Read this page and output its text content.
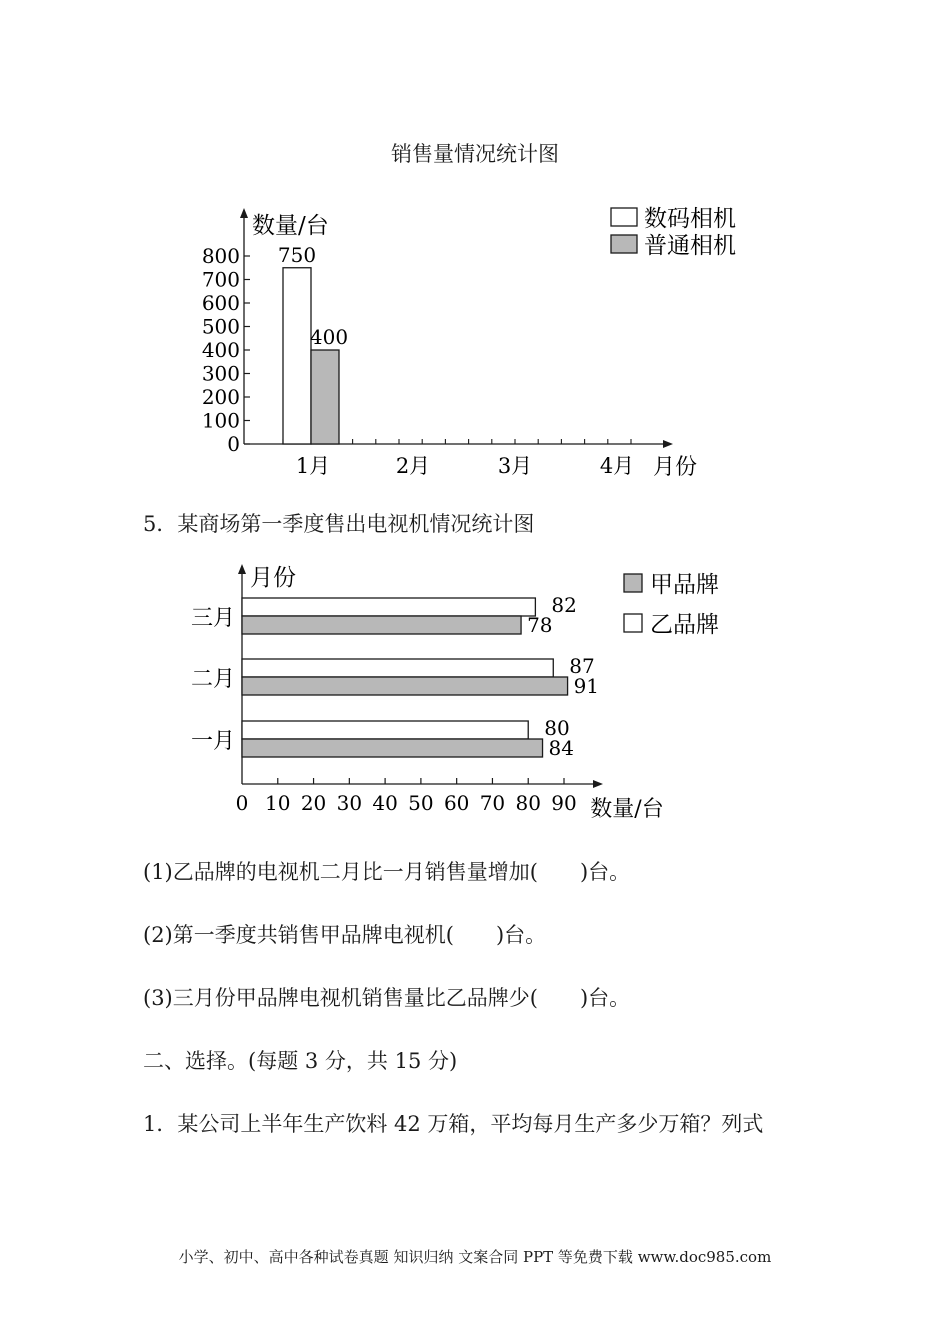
销售量情况统计图
0
100
200
300
400
500
600
700
800
1月	2月	3月	4月 月份
数量/台
750
400
数码相机
普通相机
5．某商场第一季度售出电视机情况统计图
月份
数量/台
0 10 20 30 40 50 60 70 80 90
三月
82
78
二月
87
91
一月
80
84
甲品牌
乙品牌
(1)乙品牌的电视机二月比一月销售量增加(　　)台。
(2)第一季度共销售甲品牌电视机(　　)台。
(3)三月份甲品牌电视机销售量比乙品牌少(　　)台。
二、选择。(每题 3 分，共 15 分)
1．某公司上半年生产饮料 42 万箱，平均每月生产多少万箱？列式
小学、初中、高中各种试卷真题 知识归纳 文案合同 PPT 等免费下载 www.doc985.com
